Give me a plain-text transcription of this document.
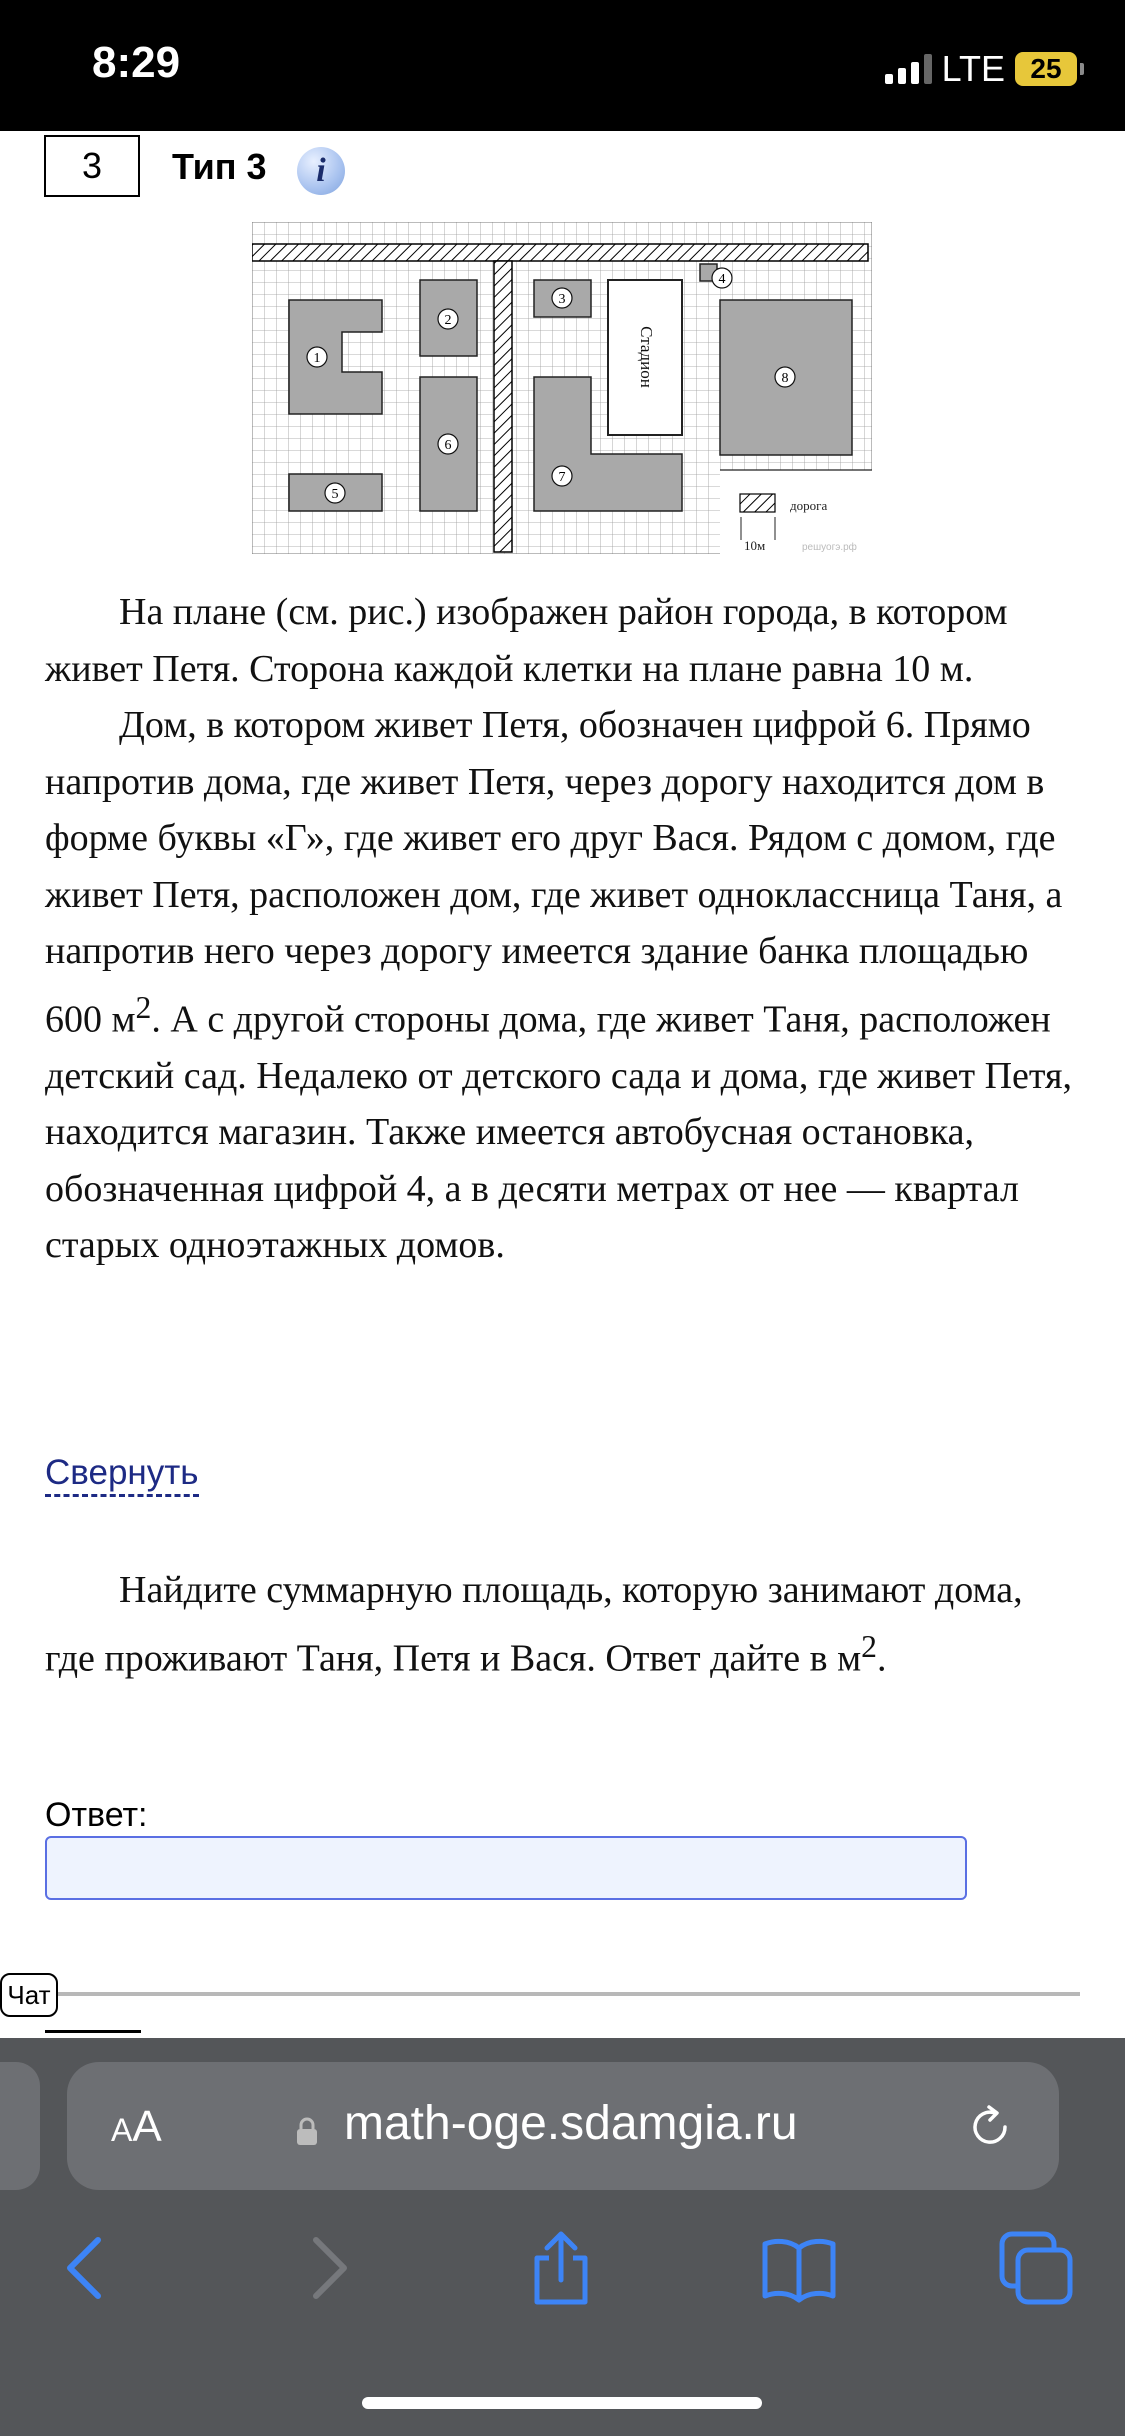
8:29	LTE 25
3	Тип 3 i
дорога
10м	решуогэ.рф
Стадион
1
2
3
4
5
6
7
8

На плане (см. рис.) изображен район города, в котором живет Петя. Сторона каждой клетки на плане равна 10 м.

Дом, в котором живет Петя, обозначен цифрой 6. Прямо напротив дома, где живет Петя, через дорогу находится дом в форме буквы «Г», где живет его друг Вася. Рядом с домом, где живет Петя, расположен дом, где живет одноклассница Таня, а напротив него через дорогу имеется здание банка площадью 600 $м^2$. А с другой стороны дома, где живет Таня, расположен детский сад. Недалеко от детского сада и дома, где живет Петя, находится магазин. Также имеется автобусная остановка, обозначенная цифрой 4, а в десяти метрах от нее — квартал старых одноэтажных домов.

Свернуть

Найдите суммарную площадь, которую занимают дома, где проживают Таня, Петя и Вася. Ответ дайте в $м^2$.

Ответ:
Чат
AA	math-oge.sdamgia.ru
